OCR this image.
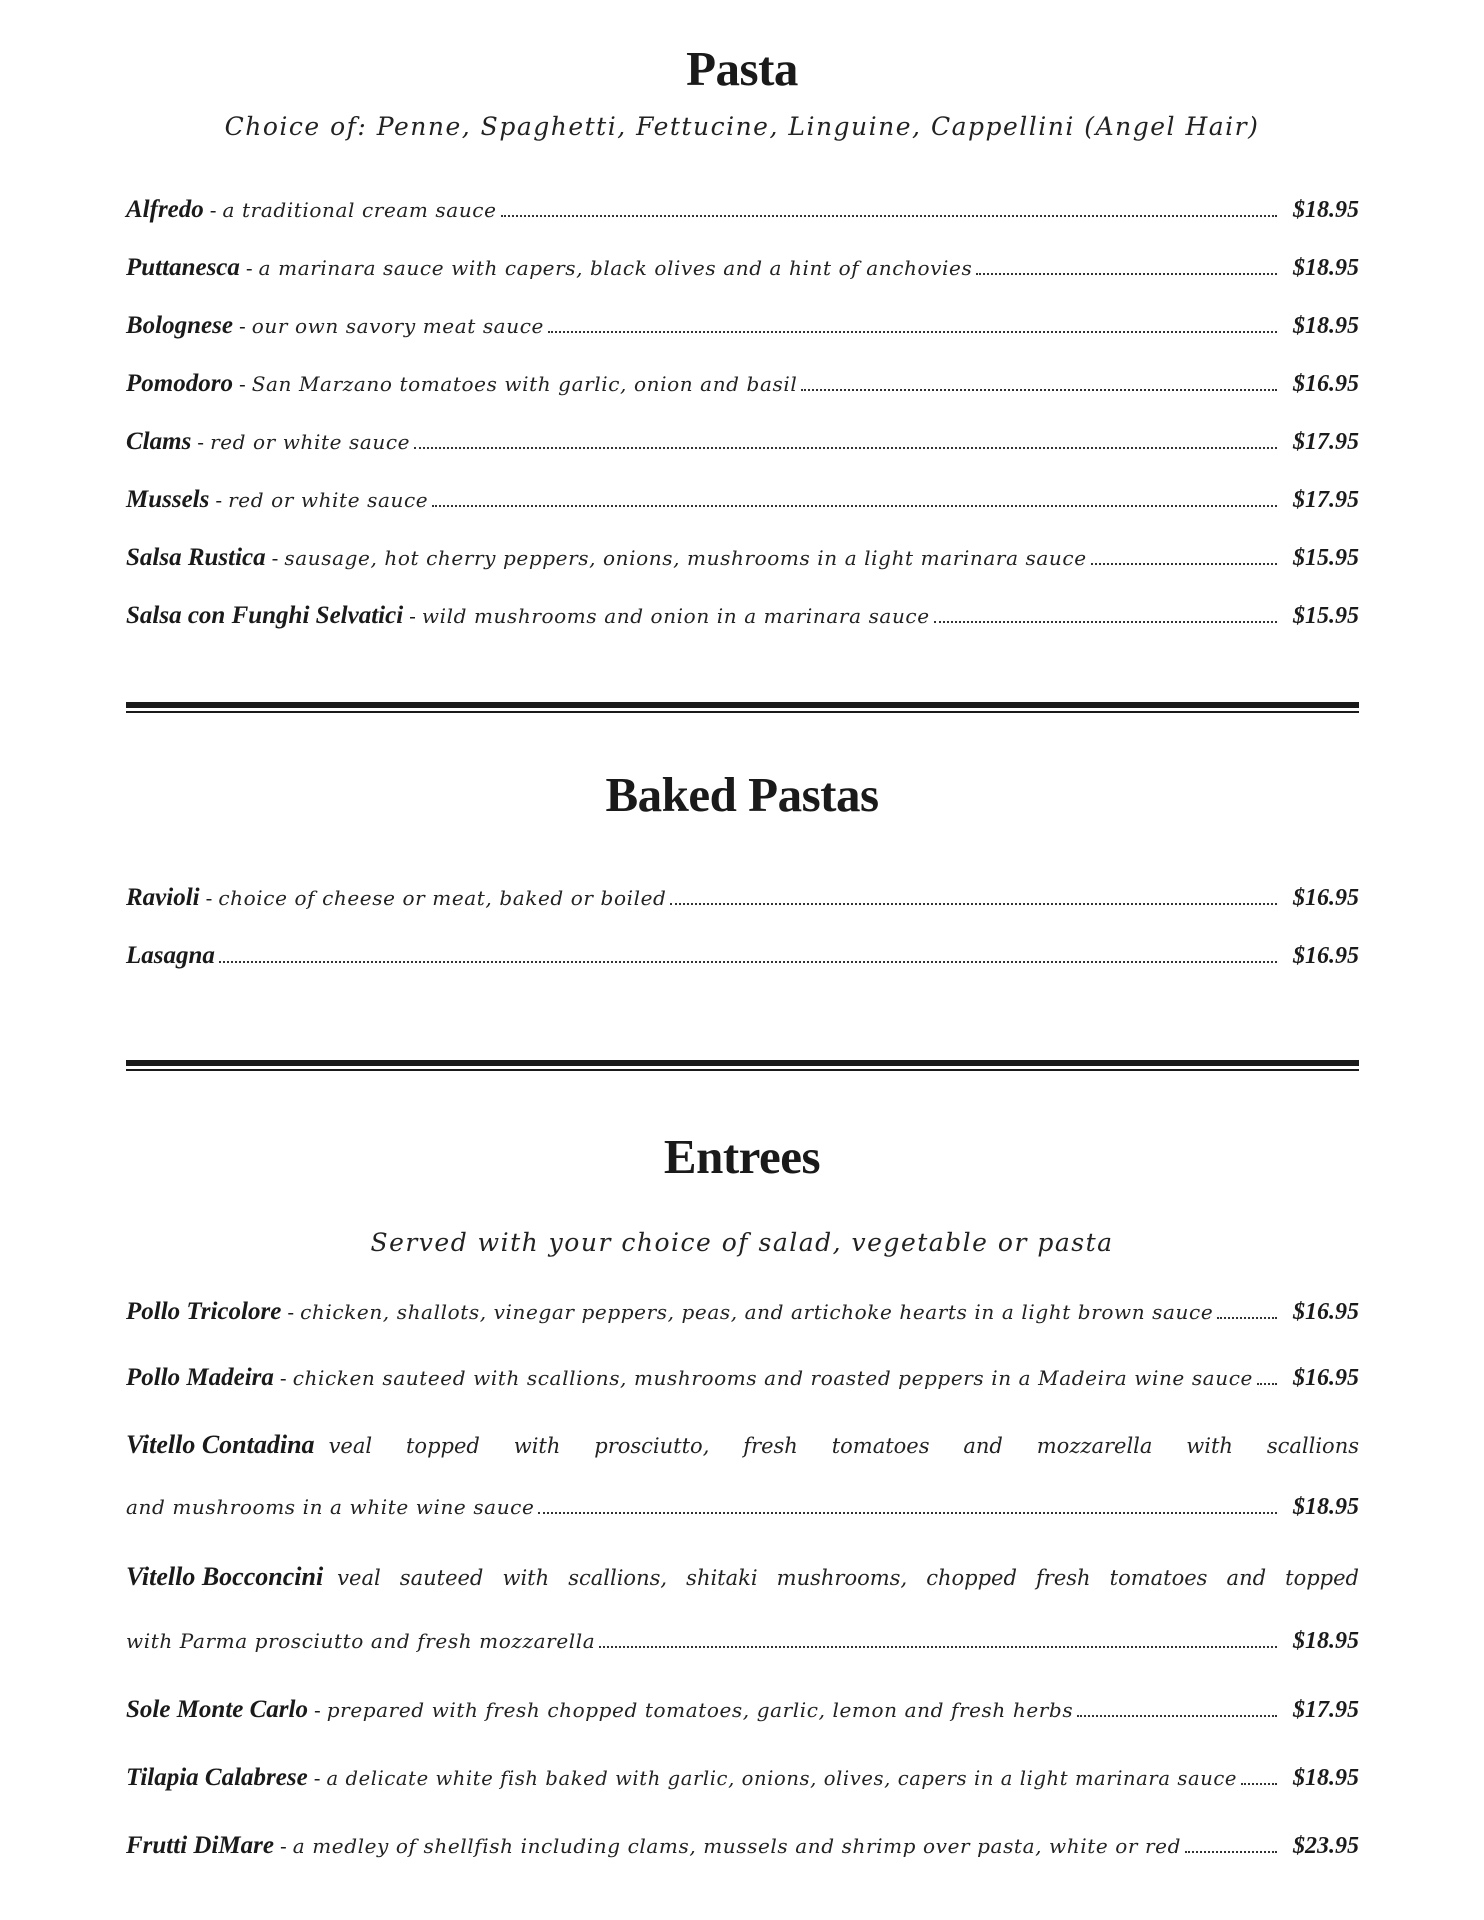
Pasta
Choice of: Penne, Spaghetti, Fettucine, Linguine, Cappellini (Angel Hair)
Alfredo - a traditional cream sauce	$18.95
Puttanesca - a marinara sauce with capers, black olives and a hint of anchovies	$18.95
Bolognese - our own savory meat sauce	$18.95
Pomodoro - San Marzano tomatoes with garlic, onion and basil	$16.95
Clams - red or white sauce	$17.95
Mussels - red or white sauce	$17.95
Salsa Rustica - sausage, hot cherry peppers, onions, mushrooms in a light marinara sauce	$15.95
Salsa con Funghi Selvatici - wild mushrooms and onion in a marinara sauce	$15.95
Baked Pastas
Ravioli - choice of cheese or meat, baked or boiled	$16.95
Lasagna	$16.95
Entrees
Served with your choice of salad, vegetable or pasta
Pollo Tricolore - chicken, shallots, vinegar peppers, peas, and artichoke hearts in a light brown sauce	$16.95
Pollo Madeira - chicken sauteed with scallions, mushrooms and roasted peppers in a Madeira wine sauce $16.95
Vitello Contadina veal topped with prosciutto, fresh tomatoes and mozzarella with scallions
and mushrooms in a white wine sauce	$18.95
Vitello Bocconcini veal sauteed with scallions, shitaki mushrooms, chopped fresh tomatoes and topped
with Parma prosciutto and fresh mozzarella	$18.95
Sole Monte Carlo - prepared with fresh chopped tomatoes, garlic, lemon and fresh herbs	$17.95
Tilapia Calabrese - a delicate white fish baked with garlic, onions, olives, capers in a light marinara sauce $18.95
Frutti DiMare - a medley of shellfish including clams, mussels and shrimp over pasta, white or red	$23.95
